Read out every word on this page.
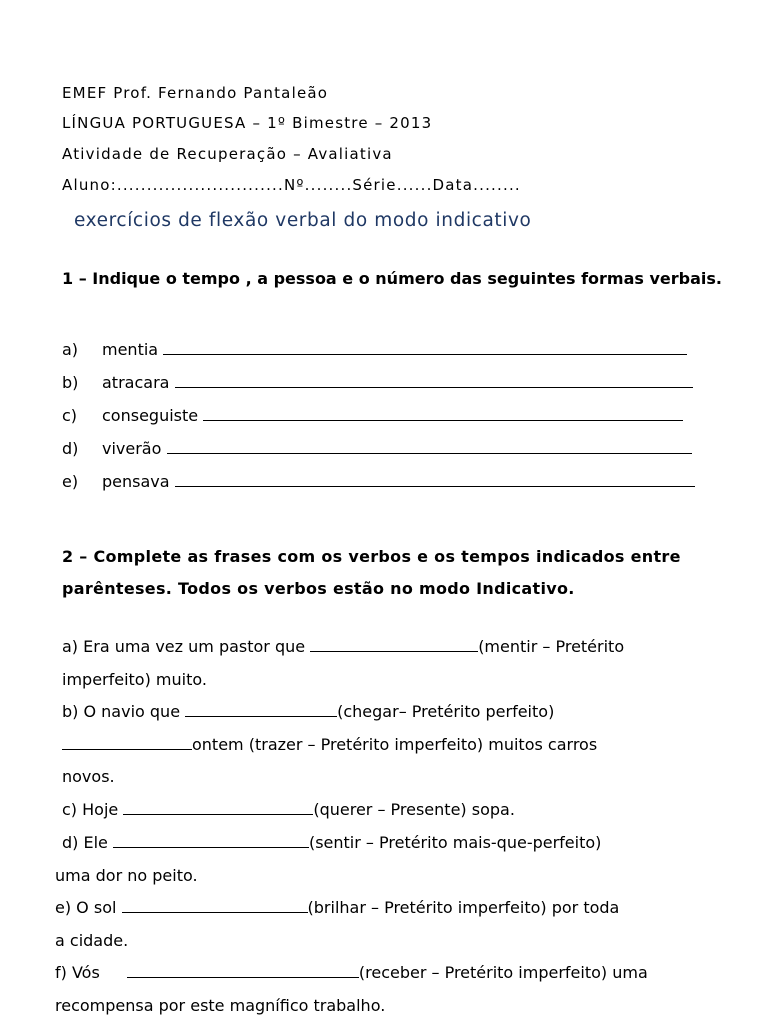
EMEF Prof. Fernando Pantaleão
LÍNGUA PORTUGUESA – 1º Bimestre – 2013
Atividade de Recuperação – Avaliativa
Aluno:............................Nº........Série......Data........
exercícios de flexão verbal do modo indicativo
1 – Indique o tempo , a pessoa e o número das seguintes formas verbais.
a) mentia
b) atracara
c) conseguiste
d) viverão
e) pensava
2 – Complete as frases com os verbos e os tempos indicados entre parênteses. Todos os verbos estão no modo Indicativo.
a) Era uma vez um pastor que	(mentir – Pretérito
imperfeito) muito.
b) O navio que	(chegar– Pretérito perfeito)
ontem (trazer – Pretérito imperfeito) muitos carros
novos.
c) Hoje	(querer – Presente) sopa.
d) Ele	(sentir – Pretérito mais-que-perfeito)
uma dor no peito.
e) O sol	(brilhar – Pretérito imperfeito) por toda
a cidade.
f) Vós	(receber – Pretérito imperfeito) uma
recompensa por este magnífico trabalho.
